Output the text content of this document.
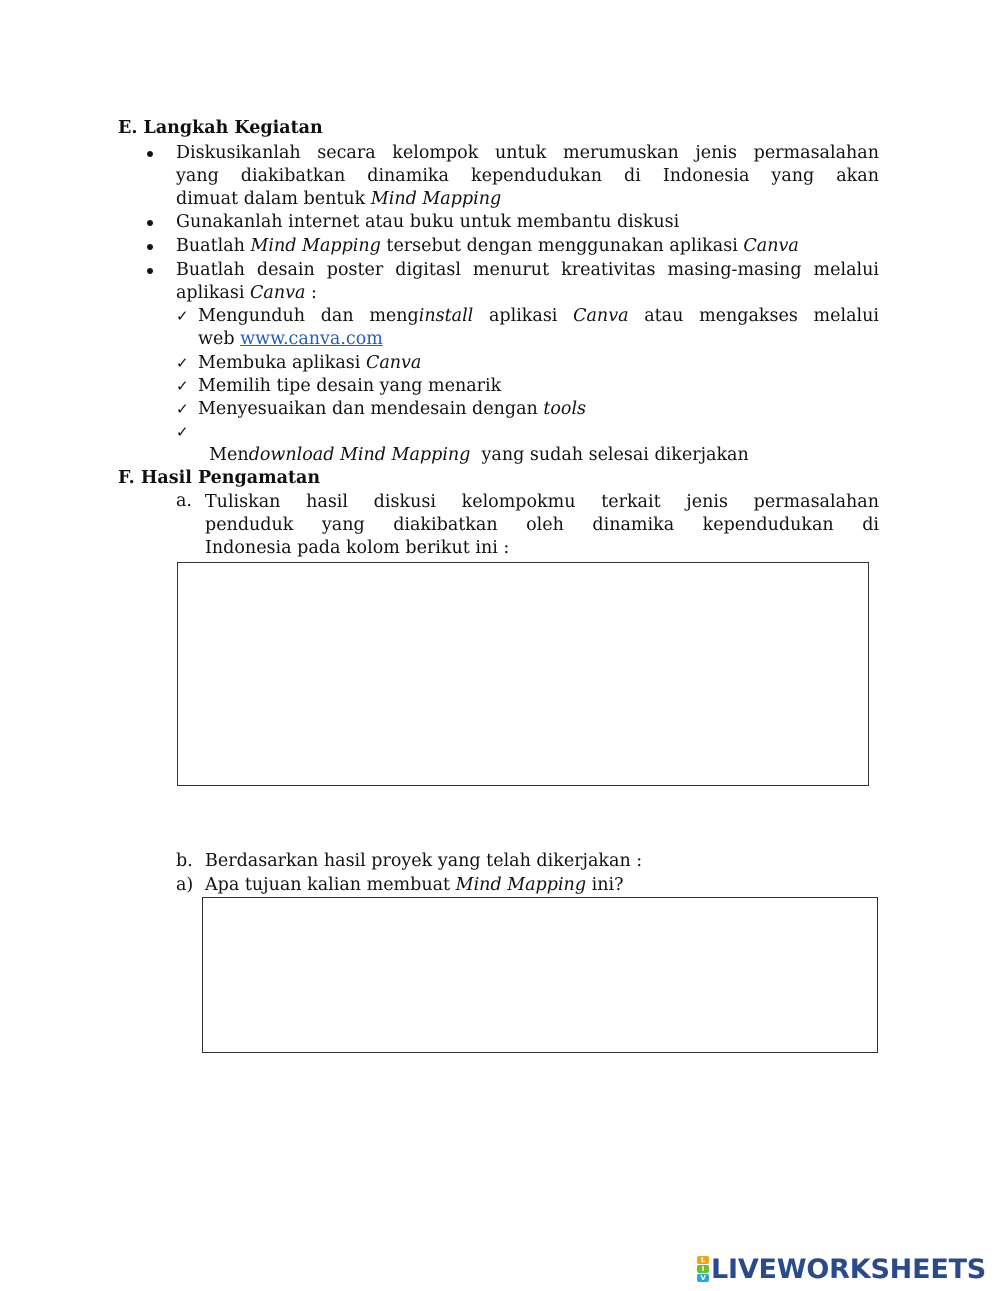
E. Langkah Kegiatan
Diskusikanlah secara kelompok untuk merumuskan jenis permasalahan
yang diakibatkan dinamika kependudukan di Indonesia yang akan
dimuat dalam bentuk Mind Mapping
Gunakanlah internet atau buku untuk membantu diskusi
Buatlah Mind Mapping tersebut dengan menggunakan aplikasi Canva
Buatlah desain poster digitasl menurut kreativitas masing-masing melalui
aplikasi Canva :
✓ Mengunduh dan menginstall aplikasi Canva atau mengakses melalui
web www.canva.com
✓ Membuka aplikasi Canva
✓ Memilih tipe desain yang menarik
✓ Menyesuaikan dan mendesain dengan tools
✓

Mendownload Mind Mapping  yang sudah selesai dikerjakan

F. Hasil Pengamatan
a. Tuliskan hasil diskusi kelompokmu terkait jenis permasalahan
penduduk yang diakibatkan oleh dinamika kependudukan di
Indonesia pada kolom berikut ini :
b. Berdasarkan hasil proyek yang telah dikerjakan :
a) Apa tujuan kalian membuat Mind Mapping ini?
L
I
V LIVEWORKSHEETS
